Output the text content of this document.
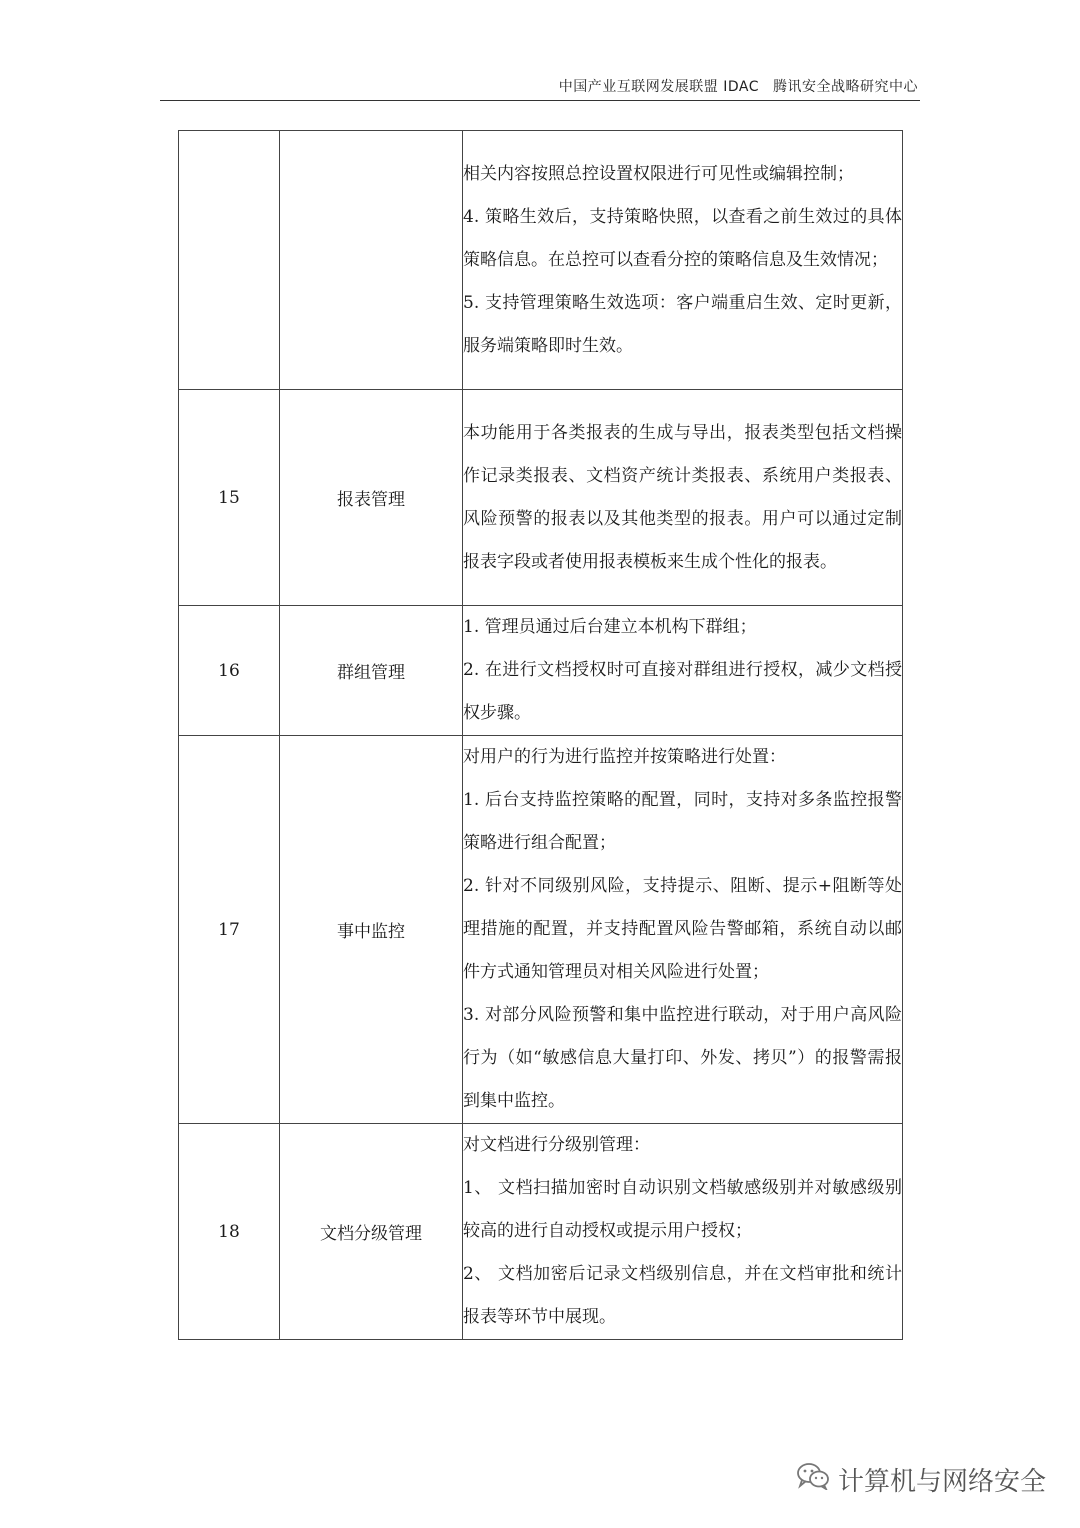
中国产业互联网发展联盟 IDAC 腾讯安全战略研究中心

		相关内容按照总控设置权限进行可见性或编辑控制；

4. 策略生效后，支持策略快照，以查看之前生效过的具体策略信息。在总控可以查看分控的策略信息及生效情况；

5. 支持管理策略生效选项：客户端重启生效、定时更新，服务端策略即时生效。

15	报表管理	本功能用于各类报表的生成与导出，报表类型包括文档操作记录类报表、文档资产统计类报表、系统用户类报表、风险预警的报表以及其他类型的报表。用户可以通过定制报表字段或者使用报表模板来生成个性化的报表。

16	群组管理	1. 管理员通过后台建立本机构下群组；

2. 在进行文档授权时可直接对群组进行授权，减少文档授权步骤。

17	事中监控	对用户的行为进行监控并按策略进行处置：

1. 后台支持监控策略的配置，同时，支持对多条监控报警策略进行组合配置；

2. 针对不同级别风险，支持提示、阻断、提示+阻断等处理措施的配置，并支持配置风险告警邮箱，系统自动以邮件方式通知管理员对相关风险进行处置；

3. 对部分风险预警和集中监控进行联动，对于用户高风险行为（如“敏感信息大量打印、外发、拷贝”）的报警需报到集中监控。

18	文档分级管理	对文档进行分级别管理：

1、 文档扫描加密时自动识别文档敏感级别并对敏感级别较高的进行自动授权或提示用户授权；

2、 文档加密后记录文档级别信息，并在文档审批和统计报表等环节中展现。

计算机与网络安全
